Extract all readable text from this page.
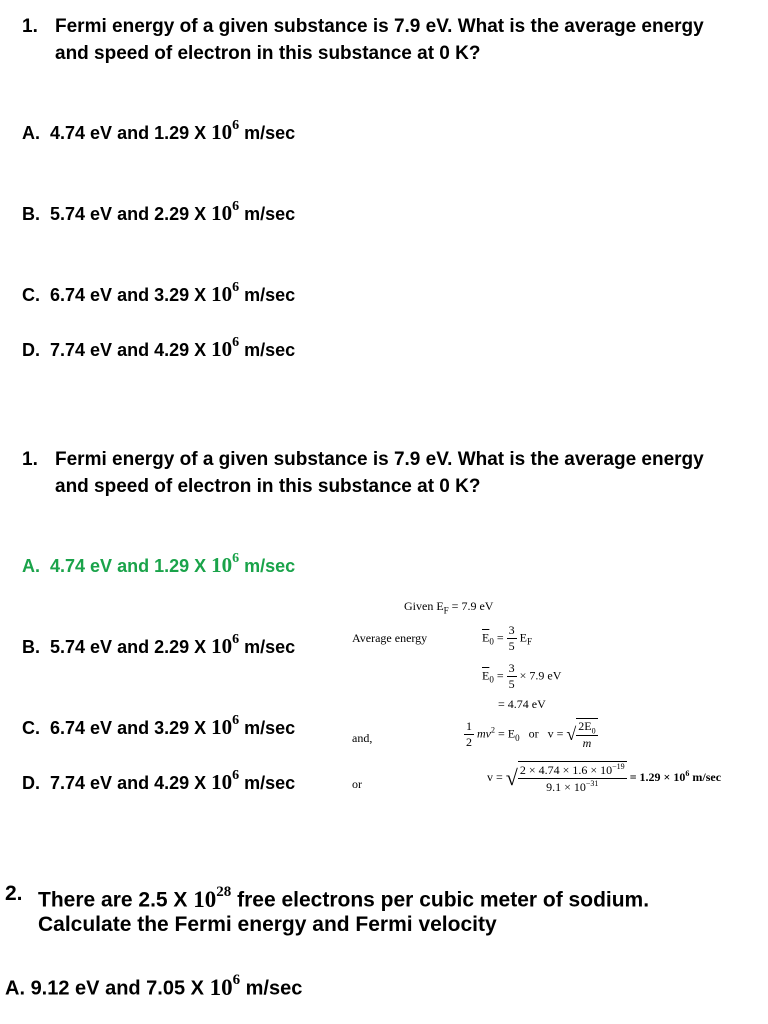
1. Fermi energy of a given substance is 7.9 eV. What is the average energy
and speed of electron in this substance at 0 K?
A. 4.74 eV and 1.29 X $10^6$ m/sec
B. 5.74 eV and 2.29 X $10^6$ m/sec
C. 6.74 eV and 3.29 X $10^6$ m/sec
D. 7.74 eV and 4.29 X $10^6$ m/sec
1. Fermi energy of a given substance is 7.9 eV. What is the average energy
and speed of electron in this substance at 0 K?
A. 4.74 eV and 1.29 X $10^6$ m/sec
B. 5.74 eV and 2.29 X $10^6$ m/sec
C. 6.74 eV and 3.29 X $10^6$ m/sec
D. 7.74 eV and 4.29 X $10^6$ m/sec
Given $E_F = 7.9$ eV
Average energy	$\overline{E}_0 = \frac{3}{5} E_F$
$\overline{E}_0 = \frac{3}{5} \times 7.9$ eV
= 4.74 eV
and,	$\frac{1}{2} mv^2 = E_0$ or v = √ $\frac{2E_0}{m}$
or
v = √ $\frac{2 \times 4.74 \times 1.6 \times 10^{-19}}{9.1 \times 10^{-31}} = 1.29 \times 10^6$ m/sec
2. There are 2.5 X $10^{28}$ free electrons per cubic meter of sodium.
Calculate the Fermi energy and Fermi velocity
A. 9.12 eV and 7.05 X $10^6$ m/sec
